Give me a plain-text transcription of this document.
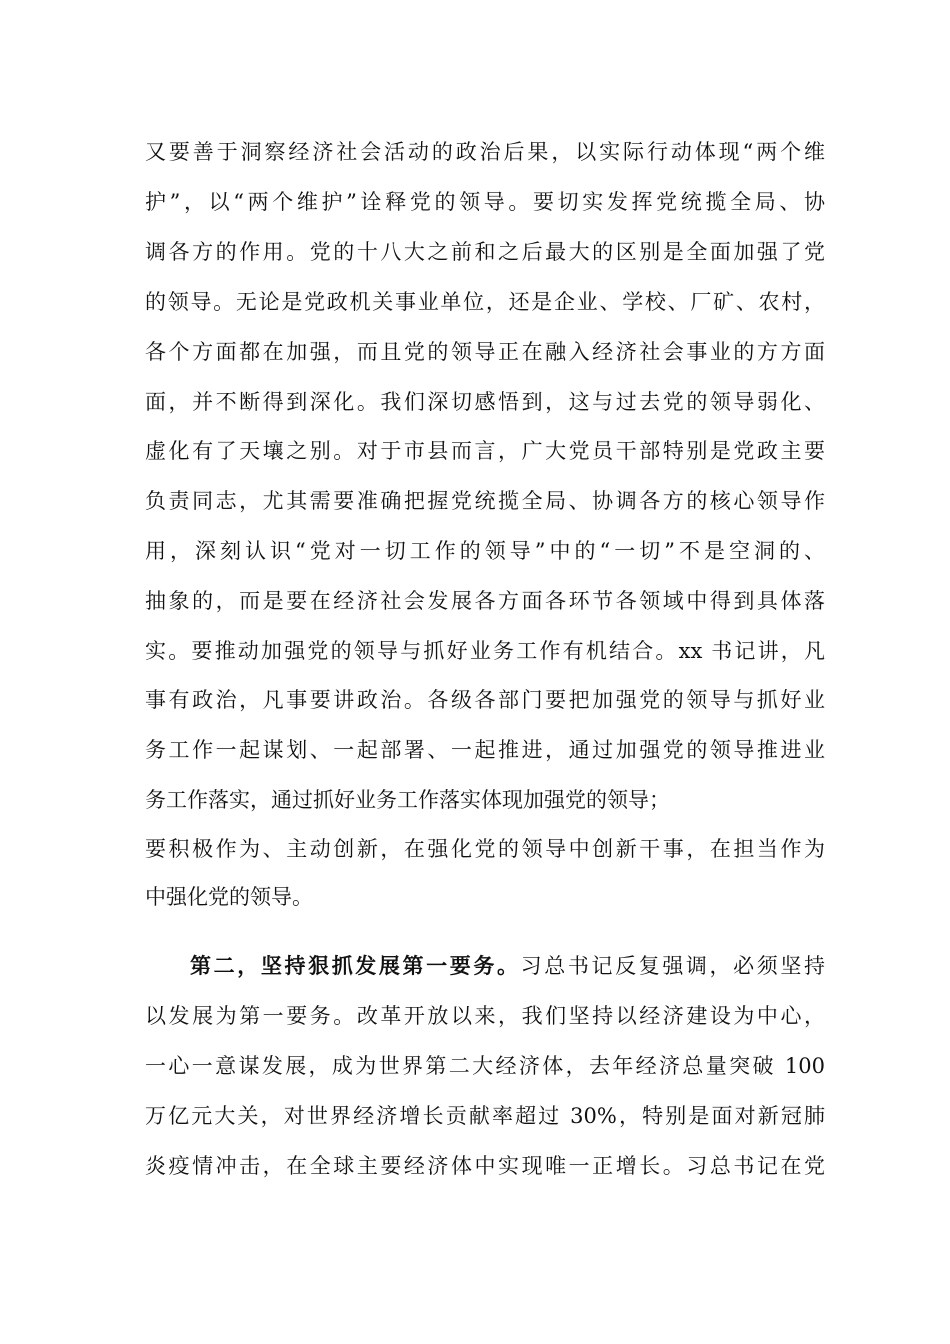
又要善于洞察经济社会活动的政治后果，以实际行动体现“两个维
护”，以“两个维护”诠释党的领导。要切实发挥党统揽全局、协
调各方的作用。党的十八大之前和之后最大的区别是全面加强了党
的领导。无论是党政机关事业单位，还是企业、学校、厂矿、农村，
各个方面都在加强，而且党的领导正在融入经济社会事业的方方面
面，并不断得到深化。我们深切感悟到，这与过去党的领导弱化、
虚化有了天壤之别。对于市县而言，广大党员干部特别是党政主要
负责同志，尤其需要准确把握党统揽全局、协调各方的核心领导作
用，深刻认识“党对一切工作的领导”中的“一切”不是空洞的、
抽象的，而是要在经济社会发展各方面各环节各领域中得到具体落
实。要推动加强党的领导与抓好业务工作有机结合。xx 书记讲，凡
事有政治，凡事要讲政治。各级各部门要把加强党的领导与抓好业
务工作一起谋划、一起部署、一起推进，通过加强党的领导推进业
务工作落实，通过抓好业务工作落实体现加强党的领导；
要积极作为、主动创新，在强化党的领导中创新干事，在担当作为
中强化党的领导。
第二，坚持狠抓发展第一要务。习总书记反复强调，必须坚持
以发展为第一要务。改革开放以来，我们坚持以经济建设为中心，
一心一意谋发展，成为世界第二大经济体，去年经济总量突破 100
万亿元大关，对世界经济增长贡献率超过 30%，特别是面对新冠肺
炎疫情冲击，在全球主要经济体中实现唯一正增长。习总书记在党
